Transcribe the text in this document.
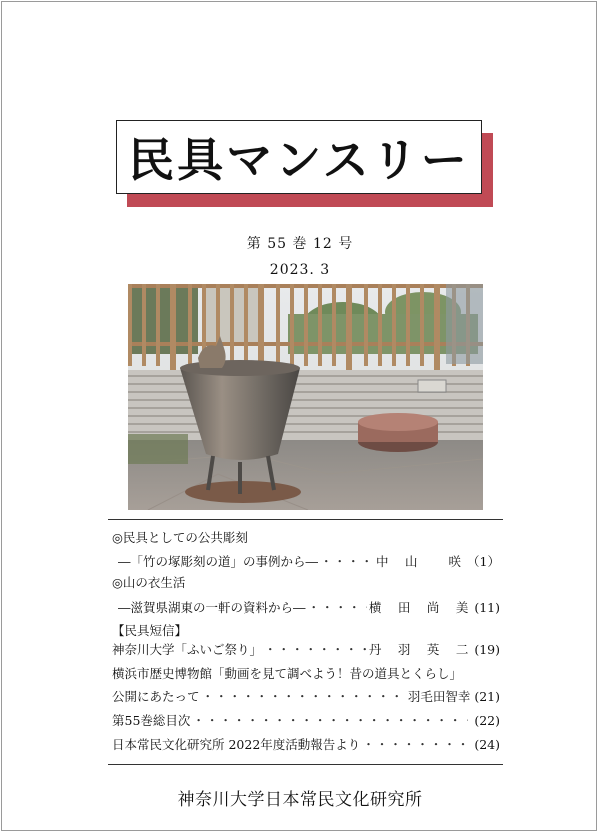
民具マンスリー
第 55 巻 12 号
2023. 3
◎民具としての公共彫刻
―「竹の塚彫刻の道」の事例から― ・・・・・・・・・・・・・・・・・・・・・・・・・・・・・・・・・・・・・・・・・・・・・・・・・・・・・・・・・・・・・・・・・・・・・・	中　山　　咲 （1）
◎山の衣生活
―滋賀県湖東の一軒の資料から― ・・・・・・・・・・・・・・・・・・・・・・・・・・・・・・・・・・・・・・・・・・・・・・・・・・・・・・・・・・・・・・・・・・・・・・	横　田　尚　美 (11)
【民具短信】
神奈川大学「ふいご祭り」 ・・・・・・・・・・・・・・・・・・・・・・・・・・・・・・・・・・・・・・・・・・・・・・・・・・・・・・・・・・・・・・・・・・・・・・	丹　羽　英　二 (19)
横浜市歴史博物館「動画を見て調べよう！昔の道具とくらし」
公開にあたって ・・・・・・・・・・・・・・・・・・・・・・・・・・・・・・・・・・・・・・・・・・・・・・・・・・・・・・・・・・・・・・・・・・・・・・	羽毛田智幸 (21)
第55巻総目次 ・・・・・・・・・・・・・・・・・・・・・・・・・・・・・・・・・・・・・・・・・・・・・・・・・・・・・・・・・・・・・・・・・・・・・・	(22)
日本常民文化研究所 2022年度活動報告より ・・・・・・・・・・・・・・・・・・・・・・・・・・・・・・・・・・・・・・・・・・・・・・・・・・・・・・・・・・・・・・・・・・・・・・	(24)
神奈川大学日本常民文化研究所
